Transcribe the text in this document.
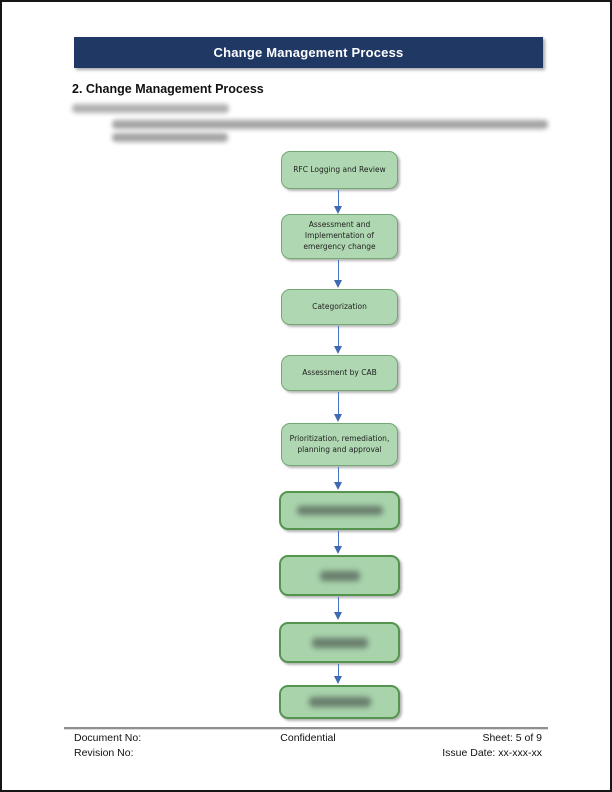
Change Management Process
2. Change Management Process
RFC Logging and Review
Assessment and Implementation of emergency change
Categorization
Assessment by CAB
Prioritization, remediation, planning and approval
Document No:	Confidential	Sheet: 5 of 9
Revision No:	Issue Date: xx-xxx-xx
